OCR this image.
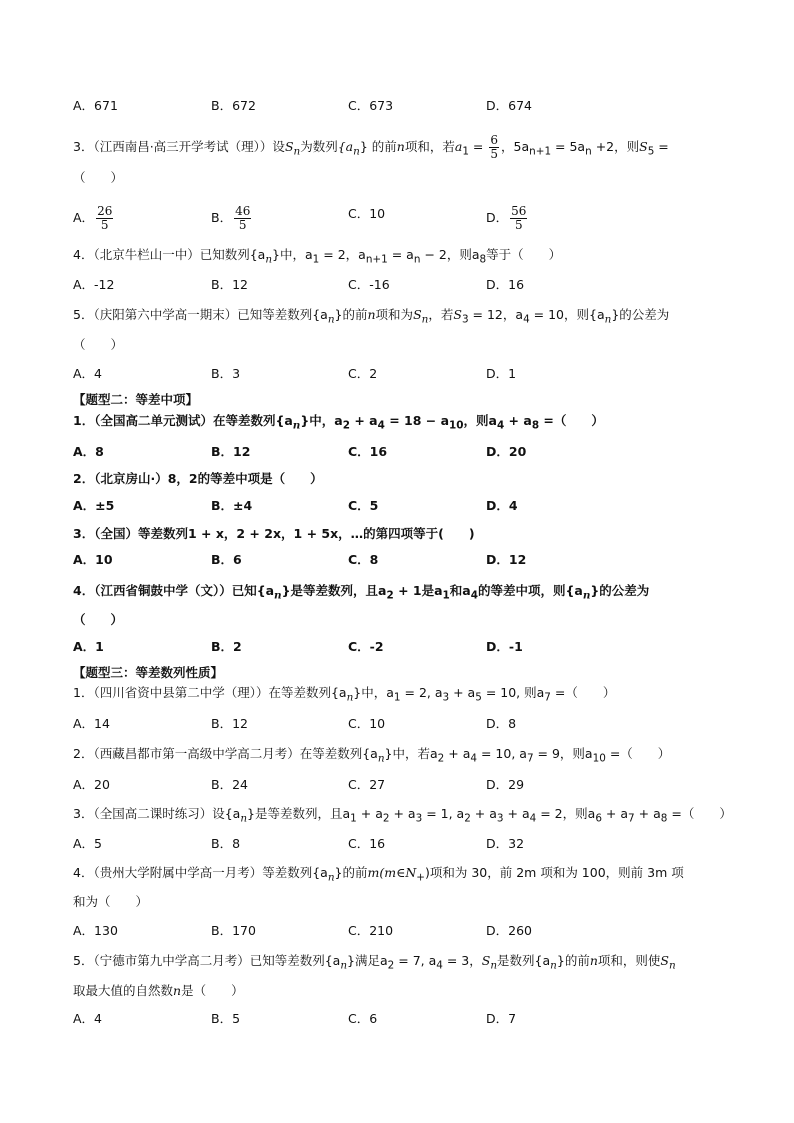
A．671	B．672	C．673	D．674
3．（江西南昌·高三开学考试（理））设$S_n$为数列$\{a_n\}$ 的前n项和，若$a_1 = \frac{6}{5}$ ，$5a_{n+1} = 5a_n +2$，则$S_5$ =
（　　）
A． $\frac{26}{5}$	B． $\frac{46}{5}$	C．10	D． $\frac{56}{5}$
4．（北京牛栏山一中）已知数列$\{a_n\}$中，$a_1 = 2$，$a_{n+1} = a_n - 2$，则$a_8$等于（　　）
A．-12	B．12	C．-16	D．16
5．（庆阳第六中学高一期末）已知等差数列$\{a_n\}$的前n项和为$S_n$，若$S_3 = 12$，$a_4 = 10$，则$\{a_n\}$的公差为
（　　）
A．4	B．3	C．2	D．1
【题型二：等差中项】
1．（全国高二单元测试）在等差数列$\{a_n\}$中，$a_2 + a_4 = 18 - a_{10}$，则$a_4 + a_8$ =（　　）
A．8	B．12	C．16	D．20
2．（北京房山·）8，2的等差中项是（　　）
A．±5	B．±4	C．5	D．4
3．（全国）等差数列1 + x，2 + 2x，1 + 5x，…的第四项等于(　　)
A．10	B．6	C．8	D．12
4．（江西省铜鼓中学（文））已知$\{a_n\}$是等差数列，且$a_2 + 1$是$a_1$和$a_4$的等差中项，则$\{a_n\}$的公差为
（　　）
A．1	B．2	C．-2	D．-1
【题型三：等差数列性质】
1．（四川省资中县第二中学（理））在等差数列$\{a_n\}$中，$a_1 = 2$, $a_3 + a_5 = 10$, 则$a_7$ =（　　）
A．14	B．12	C．10	D．8
2．（西藏昌都市第一高级中学高二月考）在等差数列$\{a_n\}$中，若$a_2 + a_4 = 10$, $a_7 = 9$，则$a_{10}$ =（　　）
A．20	B．24	C．27	D．29
3．（全国高二课时练习）设$\{a_n\}$是等差数列，且$a_1 + a_2 + a_3 = 1$, $a_2 + a_3 + a_4 = 2$，则$a_6 + a_7 + a_8$ =（　　）
A．5	B．8	C．16	D．32
4．（贵州大学附属中学高一月考）等差数列$\{a_n\}$的前$m(m\in N_+)$项和为 30，前 2m 项和为 100，则前 3m 项
和为（　　）
A．130	B．170	C．210	D．260
5．（宁德市第九中学高二月考）已知等差数列$\{a_n\}$满足$a_2 = 7$, $a_4 = 3$，$S_n$是数列$\{a_n\}$的前n项和，则使$S_n$
取最大值的自然数n是（　　）
A．4	B．5	C．6	D．7
